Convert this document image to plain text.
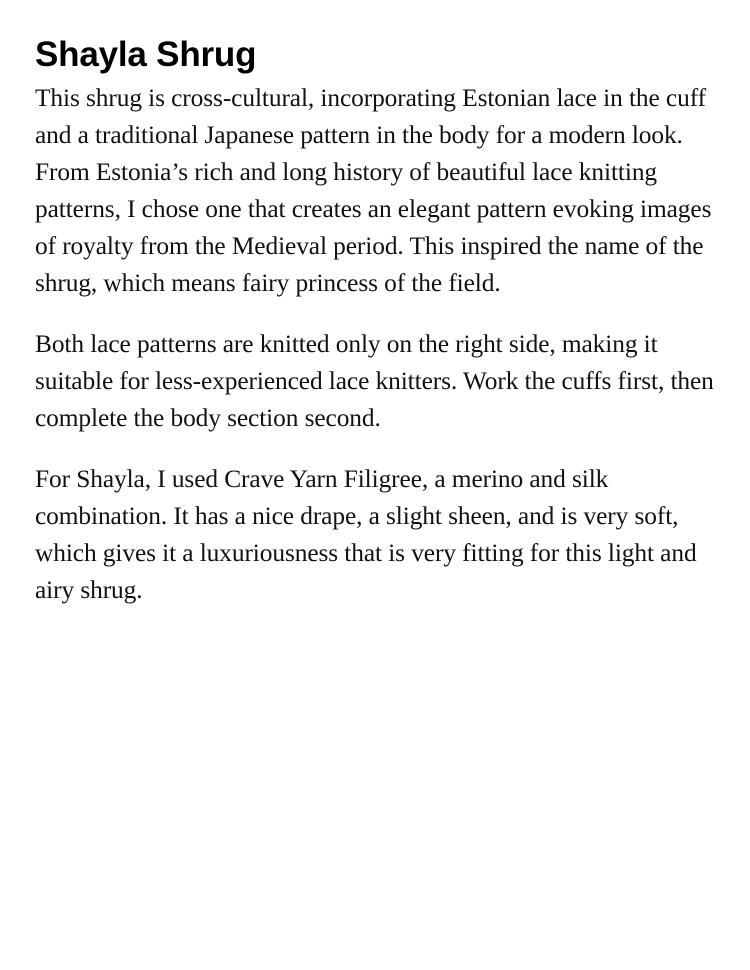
Shayla Shrug

This shrug is cross-cultural, incorporating Estonian lace in the cuff and a traditional Japanese pattern in the body for a modern look. From Estonia’s rich and long history of beautiful lace knitting patterns, I chose one that creates an elegant pattern evoking images of royalty from the Medieval period. This inspired the name of the shrug, which means fairy princess of the field.

Both lace patterns are knitted only on the right side, making it suitable for less-experienced lace knitters. Work the cuffs first, then complete the body section second.

For Shayla, I used Crave Yarn Filigree, a merino and silk combination. It has a nice drape, a slight sheen, and is very soft, which gives it a luxuriousness that is very fitting for this light and airy shrug.
